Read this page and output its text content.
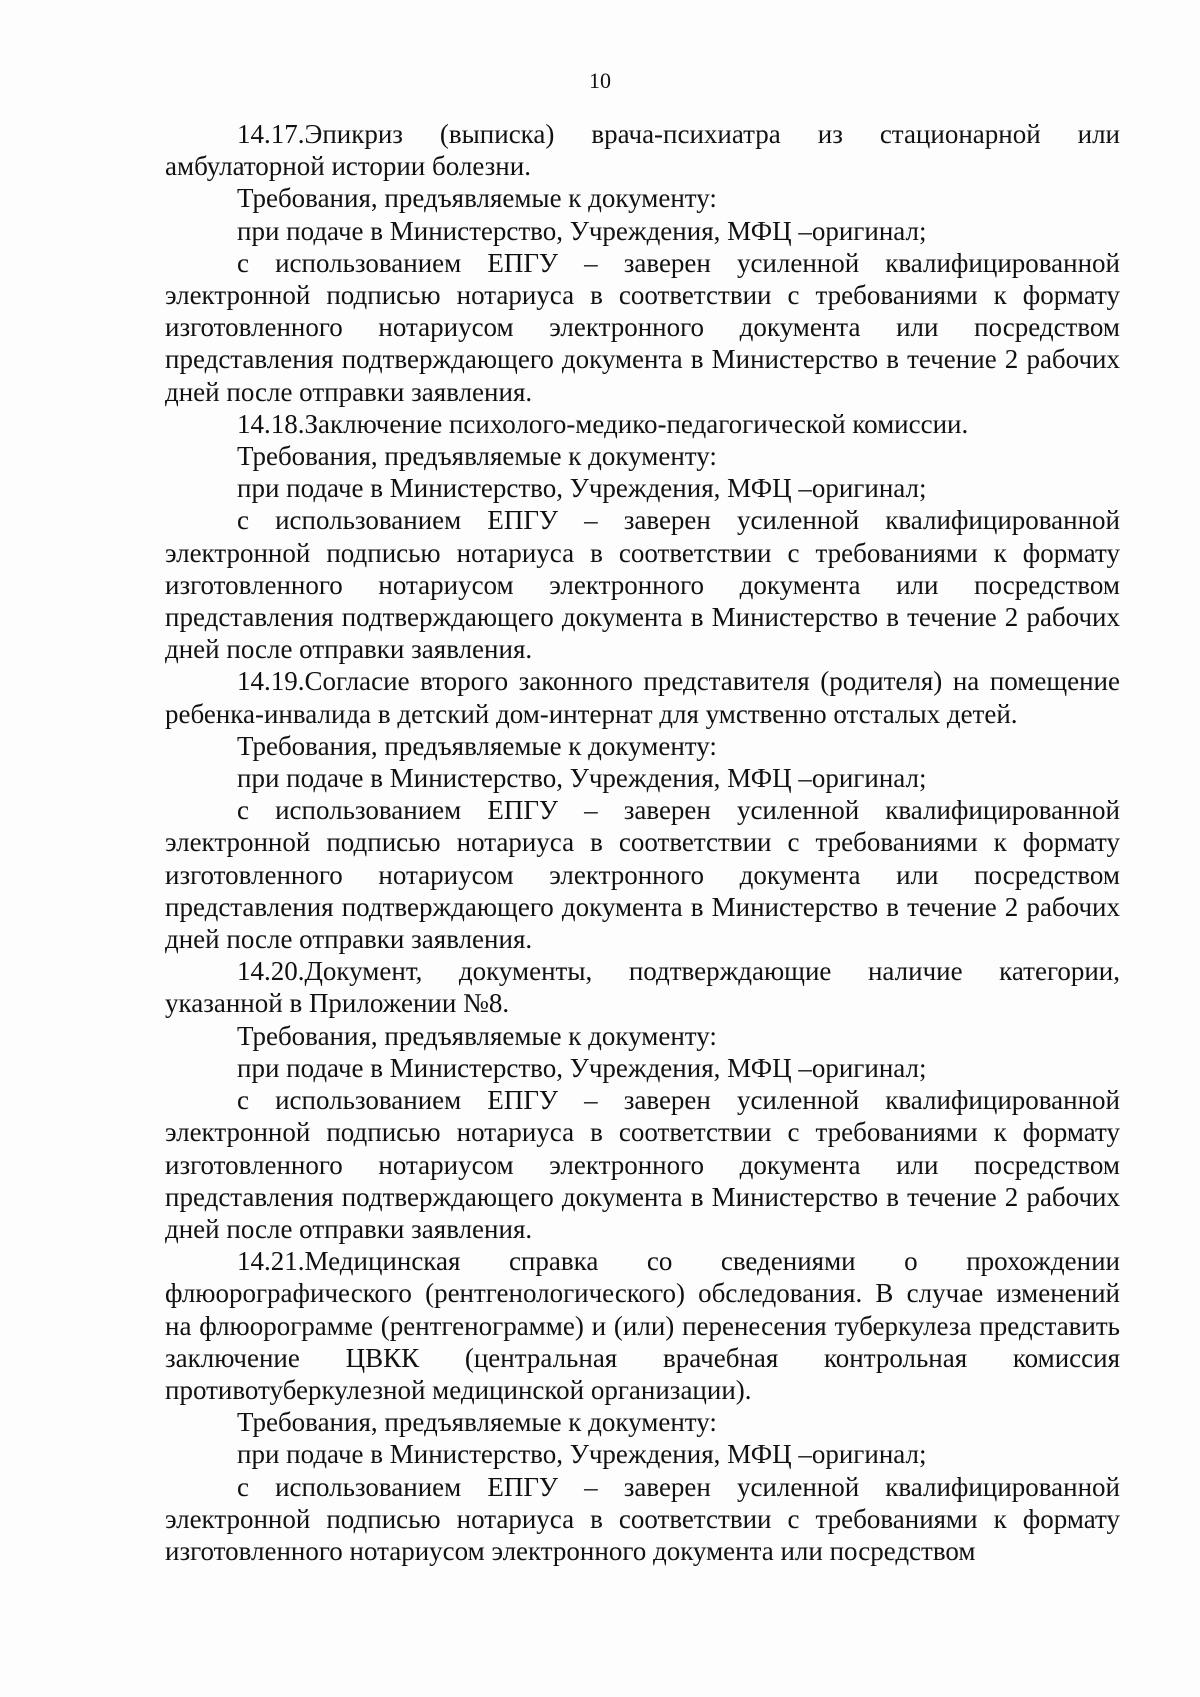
10

14.17.Эпикриз (выписка) врача-психиатра из стационарной или амбулаторной истории болезни.

Требования, предъявляемые к документу:

при подаче в Министерство, Учреждения, МФЦ –оригинал;

с использованием ЕПГУ – заверен усиленной квалифицированной электронной подписью нотариуса в соответствии с требованиями к формату изготовленного нотариусом электронного документа или посредством представления подтверждающего документа в Министерство в течение 2 рабочих дней после отправки заявления.

14.18.Заключение психолого-медико-педагогической комиссии.

Требования, предъявляемые к документу:

при подаче в Министерство, Учреждения, МФЦ –оригинал;

с использованием ЕПГУ – заверен усиленной квалифицированной электронной подписью нотариуса в соответствии с требованиями к формату изготовленного нотариусом электронного документа или посредством представления подтверждающего документа в Министерство в течение 2 рабочих дней после отправки заявления.

14.19.Согласие второго законного представителя (родителя) на помещение ребенка-инвалида в детский дом-интернат для умственно отсталых детей.

Требования, предъявляемые к документу:

при подаче в Министерство, Учреждения, МФЦ –оригинал;

с использованием ЕПГУ – заверен усиленной квалифицированной электронной подписью нотариуса в соответствии с требованиями к формату изготовленного нотариусом электронного документа или посредством представления подтверждающего документа в Министерство в течение 2 рабочих дней после отправки заявления.

14.20.Документ, документы, подтверждающие наличие категории, указанной в Приложении №8.

Требования, предъявляемые к документу:

при подаче в Министерство, Учреждения, МФЦ –оригинал;

с использованием ЕПГУ – заверен усиленной квалифицированной электронной подписью нотариуса в соответствии с требованиями к формату изготовленного нотариусом электронного документа или посредством представления подтверждающего документа в Министерство в течение 2 рабочих дней после отправки заявления.

14.21.Медицинская справка со сведениями о прохождении флюорографического (рентгенологического) обследования. В случае изменений на флюорограмме (рентгенограмме) и (или) перенесения туберкулеза представить заключение ЦВКК (центральная врачебная контрольная комиссия противотуберкулезной медицинской организации).

Требования, предъявляемые к документу:

при подаче в Министерство, Учреждения, МФЦ –оригинал;

с использованием ЕПГУ – заверен усиленной квалифицированной электронной подписью нотариуса в соответствии с требованиями к формату изготовленного нотариусом электронного документа или посредством
